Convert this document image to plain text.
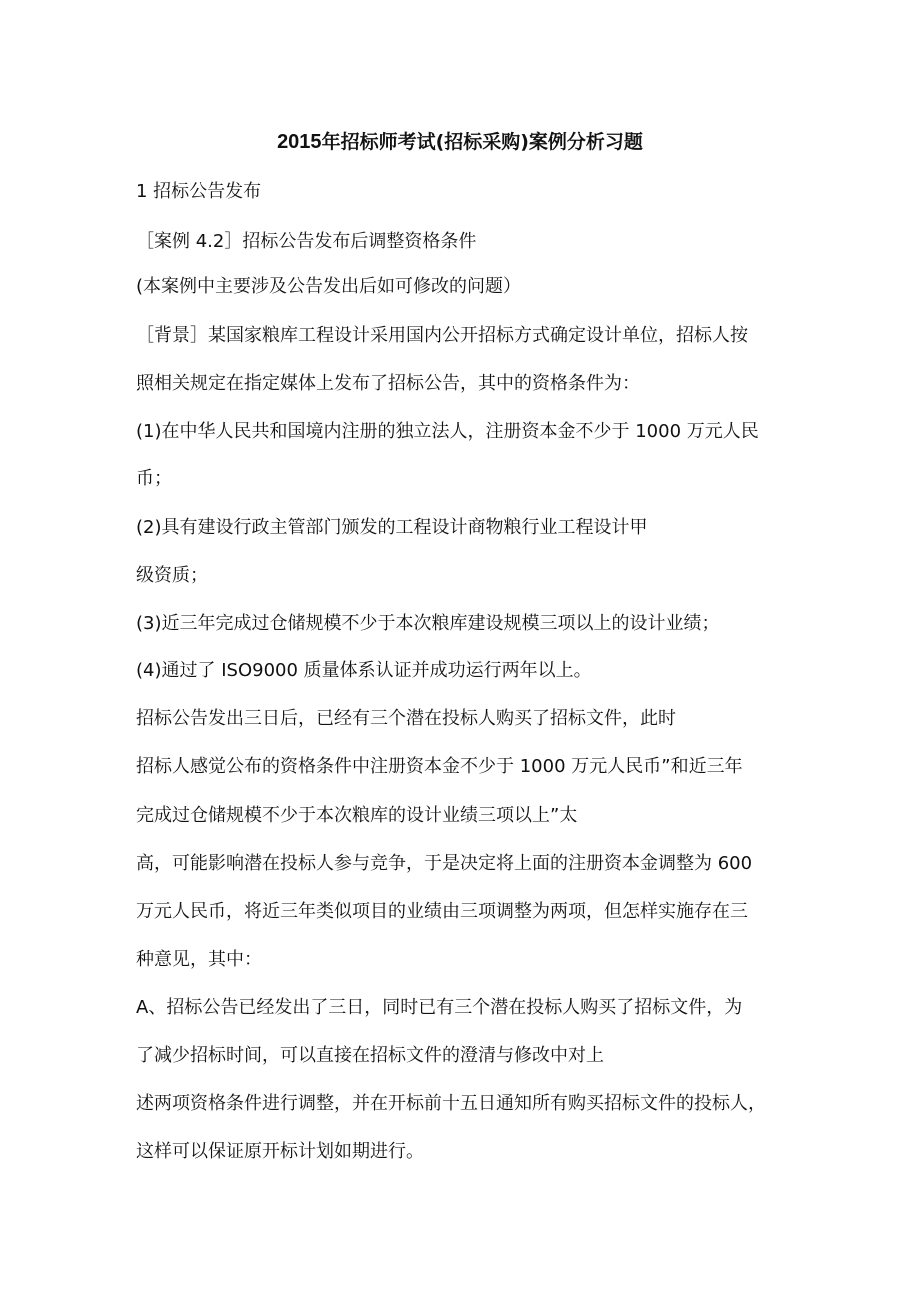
2015年招标师考试(招标采购)案例分析习题

1 招标公告发布

［案例 4.2］招标公告发布后调整资格条件

(本案例中主要涉及公告发出后如可修改的问题）

［背景］某国家粮库工程设计采用国内公开招标方式确定设计单位，招标人按

照相关规定在指定媒体上发布了招标公告，其中的资格条件为：

(1)在中华人民共和国境内注册的独立法人，注册资本金不少于 1000 万元人民

币；

(2)具有建设行政主管部门颁发的工程设计商物粮行业工程设计甲

级资质；

(3)近三年完成过仓储规模不少于本次粮库建设规模三项以上的设计业绩；

(4)通过了 ISO9000 质量体系认证并成功运行两年以上。

招标公告发出三日后，已经有三个潜在投标人购买了招标文件，此时

招标人感觉公布的资格条件中注册资本金不少于 1000 万元人民币”和近三年

完成过仓储规模不少于本次粮库的设计业绩三项以上”太

高，可能影响潜在投标人参与竞争，于是决定将上面的注册资本金调整为 600

万元人民币，将近三年类似项目的业绩由三项调整为两项，但怎样实施存在三

种意见，其中：

A、招标公告已经发出了三日，同时已有三个潜在投标人购买了招标文件，为

了减少招标时间，可以直接在招标文件的澄清与修改中对上

述两项资格条件进行调整，并在开标前十五日通知所有购买招标文件的投标人，

这样可以保证原开标计划如期进行。
